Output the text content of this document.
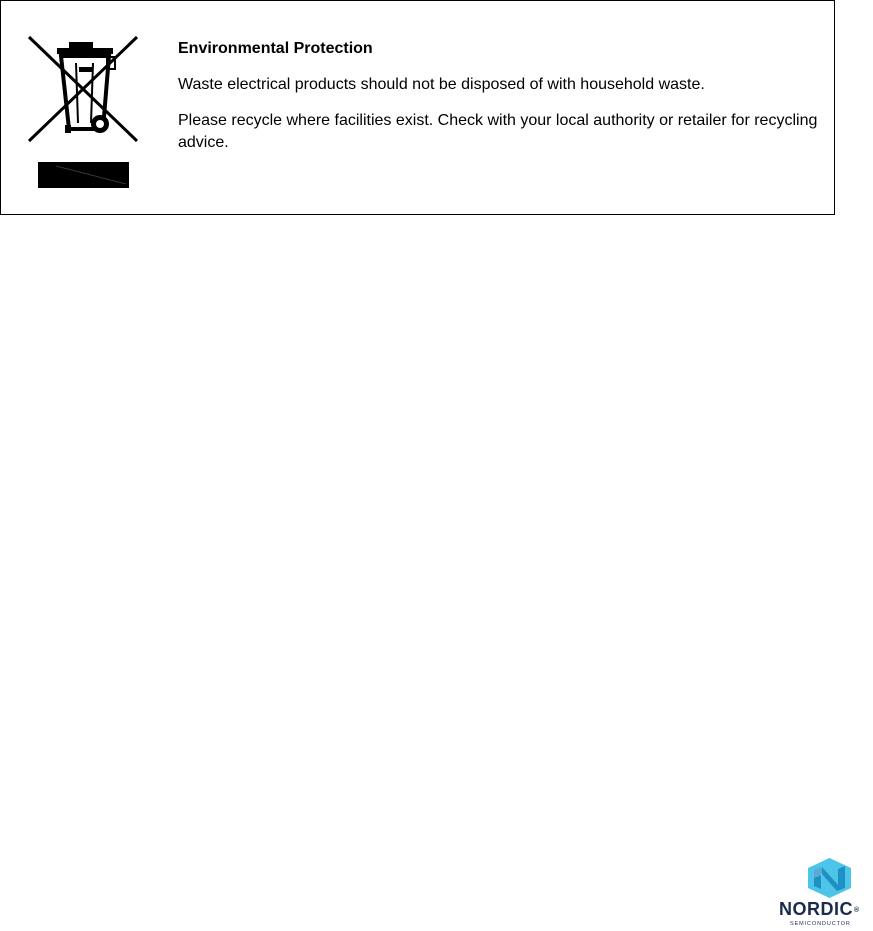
Environmental Protection

Waste electrical products should not be disposed of with household waste.

Please recycle where facilities exist. Check with your local authority or retailer for recycling advice.

NORDIC®
SEMICONDUCTOR
